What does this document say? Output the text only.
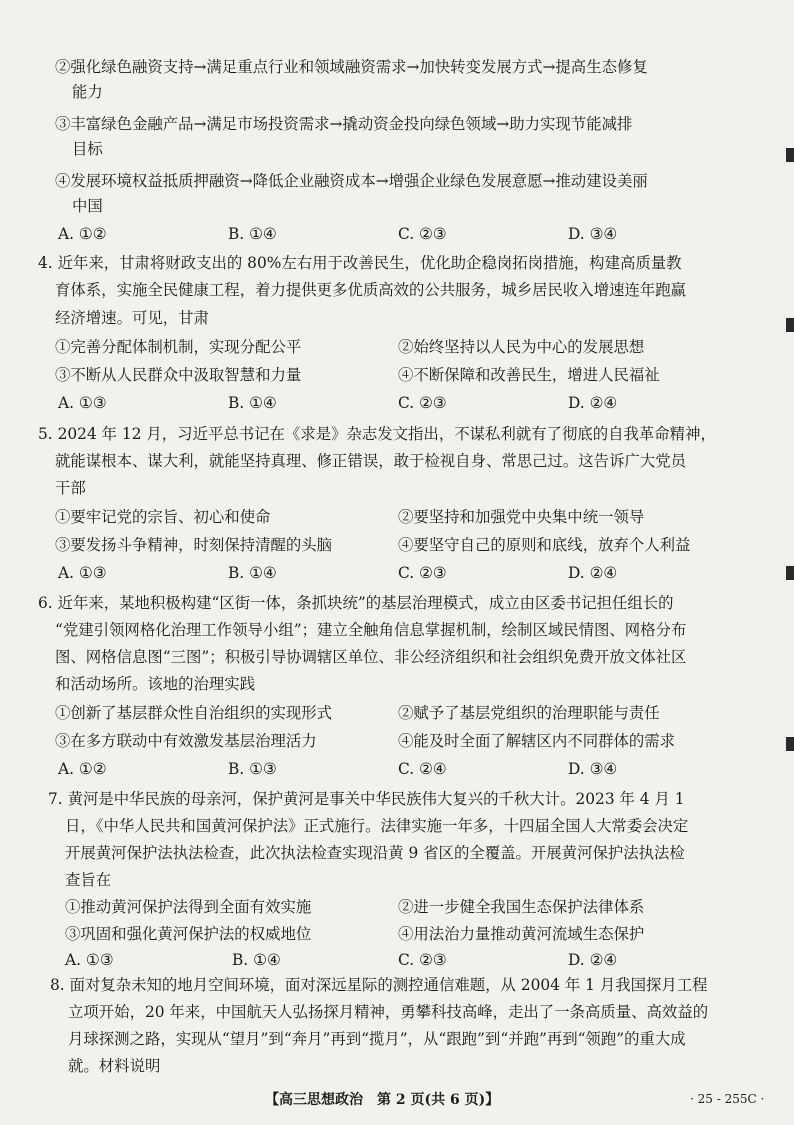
②强化绿色融资支持→满足重点行业和领域融资需求→加快转变发展方式→提高生态修复
能力
③丰富绿色金融产品→满足市场投资需求→撬动资金投向绿色领域→助力实现节能减排
目标
④发展环境权益抵质押融资→降低企业融资成本→增强企业绿色发展意愿→推动建设美丽
中国
A. ①②	B. ①④	C. ②③	D. ③④
4. 近年来，甘肃将财政支出的 80%左右用于改善民生，优化助企稳岗拓岗措施，构建高质量教
育体系，实施全民健康工程，着力提供更多优质高效的公共服务，城乡居民收入增速连年跑赢
经济增速。可见，甘肃
①完善分配体制机制，实现分配公平	②始终坚持以人民为中心的发展思想
③不断从人民群众中汲取智慧和力量	④不断保障和改善民生，增进人民福祉
A. ①③	B. ①④	C. ②③	D. ②④
5. 2024 年 12 月，习近平总书记在《求是》杂志发文指出，不谋私利就有了彻底的自我革命精神，
就能谋根本、谋大利，就能坚持真理、修正错误，敢于检视自身、常思己过。这告诉广大党员
干部
①要牢记党的宗旨、初心和使命	②要坚持和加强党中央集中统一领导
③要发扬斗争精神，时刻保持清醒的头脑	④要坚守自己的原则和底线，放弃个人利益
A. ①③	B. ①④	C. ②③	D. ②④
6. 近年来，某地积极构建“区街一体，条抓块统”的基层治理模式，成立由区委书记担任组长的
“党建引领网格化治理工作领导小组”；建立全触角信息掌握机制，绘制区域民情图、网格分布
图、网格信息图“三图”；积极引导协调辖区单位、非公经济组织和社会组织免费开放文体社区
和活动场所。该地的治理实践
①创新了基层群众性自治组织的实现形式	②赋予了基层党组织的治理职能与责任
③在多方联动中有效激发基层治理活力	④能及时全面了解辖区内不同群体的需求
A. ①②	B. ①③	C. ②④	D. ③④
7. 黄河是中华民族的母亲河，保护黄河是事关中华民族伟大复兴的千秋大计。2023 年 4 月 1
日，《中华人民共和国黄河保护法》正式施行。法律实施一年多，十四届全国人大常委会决定
开展黄河保护法执法检查，此次执法检查实现沿黄 9 省区的全覆盖。开展黄河保护法执法检
查旨在
①推动黄河保护法得到全面有效实施	②进一步健全我国生态保护法律体系
③巩固和强化黄河保护法的权威地位	④用法治力量推动黄河流域生态保护
A. ①③	B. ①④	C. ②③	D. ②④
8. 面对复杂未知的地月空间环境，面对深远星际的测控通信难题，从 2004 年 1 月我国探月工程
立项开始，20 年来，中国航天人弘扬探月精神，勇攀科技高峰，走出了一条高质量、高效益的
月球探测之路，实现从“望月”到“奔月”再到“揽月”，从“跟跑”到“并跑”再到“领跑”的重大成
就。材料说明
【高三思想政治　第 2 页(共 6 页)】	· 25 - 255C ·
